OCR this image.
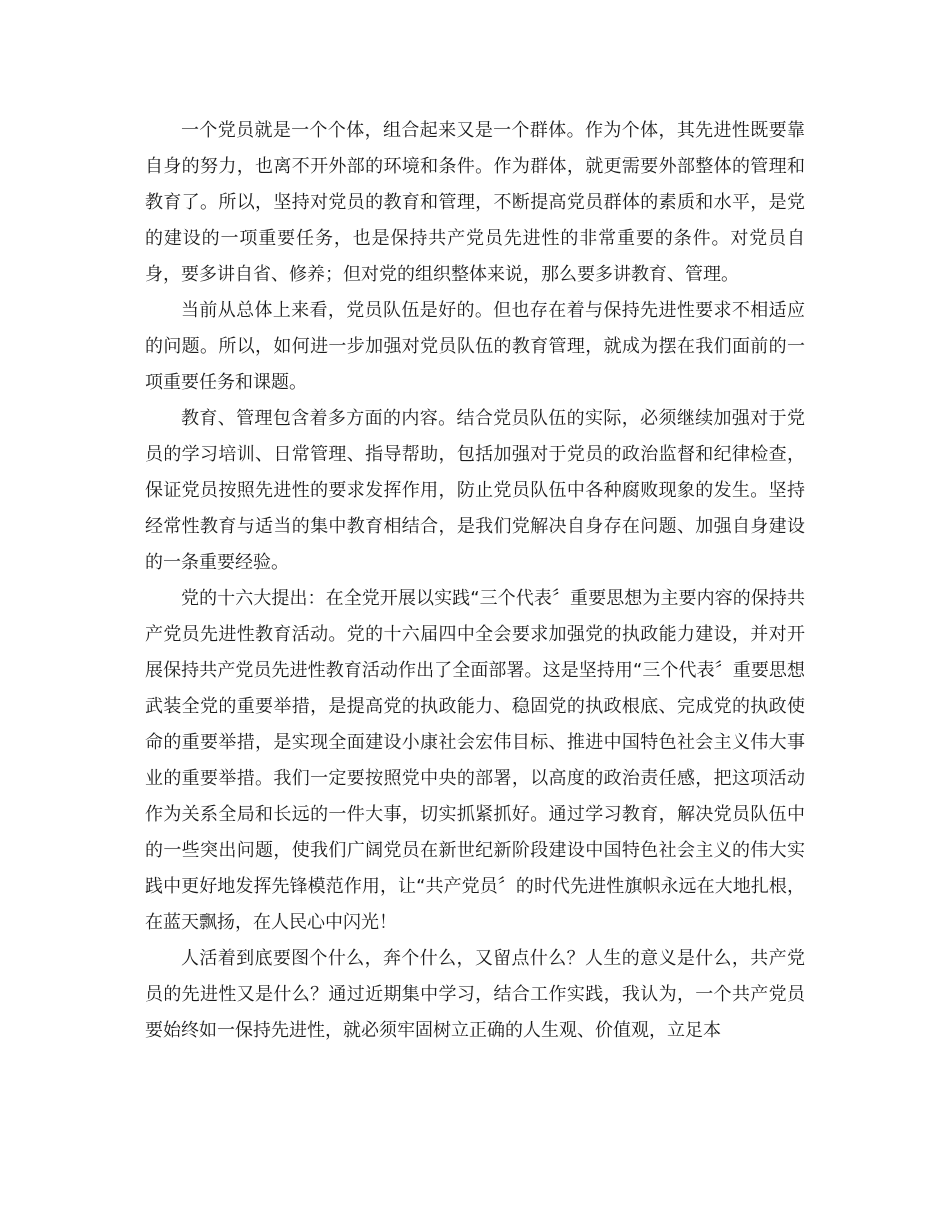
一个党员就是一个个体，组合起来又是一个群体。作为个体，其先进性既要靠自身的努力，也离不开外部的环境和条件。作为群体，就更需要外部整体的管理和教育了。所以，坚持对党员的教育和管理，不断提高党员群体的素质和水平，是党的建设的一项重要任务，也是保持共产党员先进性的非常重要的条件。对党员自身，要多讲自省、修养；但对党的组织整体来说，那么要多讲教育、管理。

当前从总体上来看，党员队伍是好的。但也存在着与保持先进性要求不相适应的问题。所以，如何进一步加强对党员队伍的教育管理，就成为摆在我们面前的一项重要任务和课题。

教育、管理包含着多方面的内容。结合党员队伍的实际，必须继续加强对于党员的学习培训、日常管理、指导帮助，包括加强对于党员的政治监督和纪律检查，保证党员按照先进性的要求发挥作用，防止党员队伍中各种腐败现象的发生。坚持经常性教育与适当的集中教育相结合，是我们党解决自身存在问题、加强自身建设的一条重要经验。

党的十六大提出：在全党开展以实践“三个代表〞重要思想为主要内容的保持共产党员先进性教育活动。党的十六届四中全会要求加强党的执政能力建设，并对开展保持共产党员先进性教育活动作出了全面部署。这是坚持用“三个代表〞重要思想武装全党的重要举措，是提高党的执政能力、稳固党的执政根底、完成党的执政使命的重要举措，是实现全面建设小康社会宏伟目标、推进中国特色社会主义伟大事业的重要举措。我们一定要按照党中央的部署，以高度的政治责任感，把这项活动作为关系全局和长远的一件大事，切实抓紧抓好。通过学习教育，解决党员队伍中的一些突出问题，使我们广阔党员在新世纪新阶段建设中国特色社会主义的伟大实践中更好地发挥先锋模范作用，让“共产党员〞的时代先进性旗帜永远在大地扎根，在蓝天飘扬，在人民心中闪光！

人活着到底要图个什么，奔个什么，又留点什么？人生的意义是什么，共产党员的先进性又是什么？通过近期集中学习，结合工作实践，我认为，一个共产党员要始终如一保持先进性，就必须牢固树立正确的人生观、价值观，立足本
